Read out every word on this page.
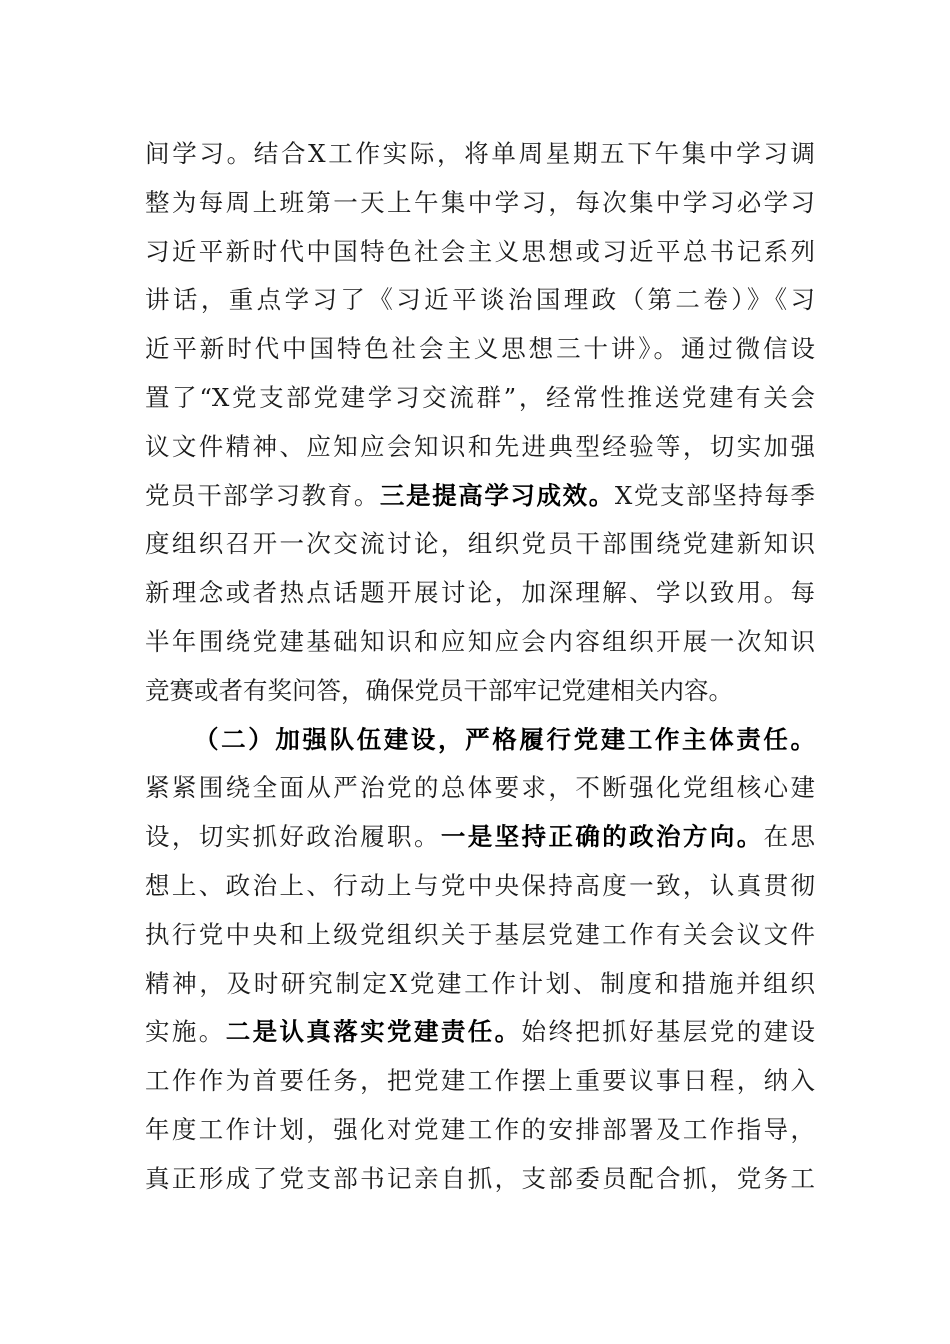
间学习。结合X工作实际，将单周星期五下午集中学习调
整为每周上班第一天上午集中学习，每次集中学习必学习
习近平新时代中国特色社会主义思想或习近平总书记系列
讲话，重点学习了《习近平谈治国理政（第二卷）》《习
近平新时代中国特色社会主义思想三十讲》。通过微信设
置了“X党支部党建学习交流群”，经常性推送党建有关会
议文件精神、应知应会知识和先进典型经验等，切实加强
党员干部学习教育。三是提高学习成效。X党支部坚持每季
度组织召开一次交流讨论，组织党员干部围绕党建新知识
新理念或者热点话题开展讨论，加深理解、学以致用。每
半年围绕党建基础知识和应知应会内容组织开展一次知识
竞赛或者有奖问答，确保党员干部牢记党建相关内容。
（二）加强队伍建设，严格履行党建工作主体责任。
紧紧围绕全面从严治党的总体要求，不断强化党组核心建
设，切实抓好政治履职。一是坚持正确的政治方向。在思
想上、政治上、行动上与党中央保持高度一致，认真贯彻
执行党中央和上级党组织关于基层党建工作有关会议文件
精神，及时研究制定X党建工作计划、制度和措施并组织
实施。二是认真落实党建责任。始终把抓好基层党的建设
工作作为首要任务，把党建工作摆上重要议事日程，纳入
年度工作计划，强化对党建工作的安排部署及工作指导，
真正形成了党支部书记亲自抓，支部委员配合抓，党务工
